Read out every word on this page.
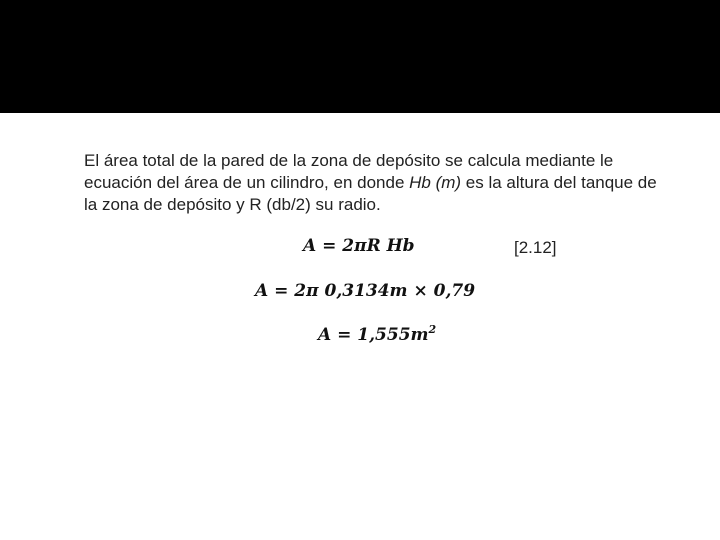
El área total de la pared de la zona de depósito se calcula mediante le ecuación del área de un cilindro, en donde Hb (m) es la altura del tanque de la zona de depósito y R (db/2) su radio.

A = 2πR Hb	[2.12]
A = 2π 0,3134m × 0,79
$A = 1,555m^2$
